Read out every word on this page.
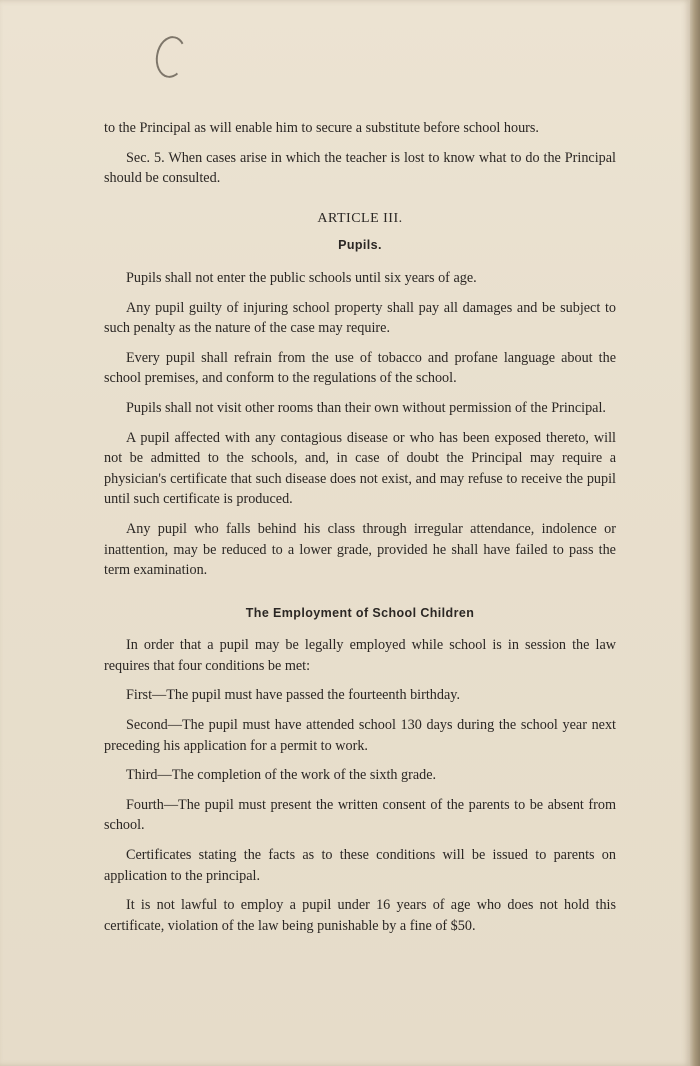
to the Principal as will enable him to secure a substitute before school hours.

Sec. 5. When cases arise in which the teacher is lost to know what to do the Principal should be consulted.

ARTICLE III.
Pupils.

Pupils shall not enter the public schools until six years of age.

Any pupil guilty of injuring school property shall pay all damages and be subject to such penalty as the nature of the case may require.

Every pupil shall refrain from the use of tobacco and profane language about the school premises, and conform to the regulations of the school.

Pupils shall not visit other rooms than their own without permission of the Principal.

A pupil affected with any contagious disease or who has been exposed thereto, will not be admitted to the schools, and, in case of doubt the Principal may require a physician's certificate that such disease does not exist, and may refuse to receive the pupil until such certificate is produced.

Any pupil who falls behind his class through irregular attendance, indolence or inattention, may be reduced to a lower grade, provided he shall have failed to pass the term examination.

The Employment of School Children

In order that a pupil may be legally employed while school is in session the law requires that four conditions be met:

First—The pupil must have passed the fourteenth birthday.

Second—The pupil must have attended school 130 days during the school year next preceding his application for a permit to work.

Third—The completion of the work of the sixth grade.

Fourth—The pupil must present the written consent of the parents to be absent from school.

Certificates stating the facts as to these conditions will be issued to parents on application to the principal.

It is not lawful to employ a pupil under 16 years of age who does not hold this certificate, violation of the law being punishable by a fine of $50.
